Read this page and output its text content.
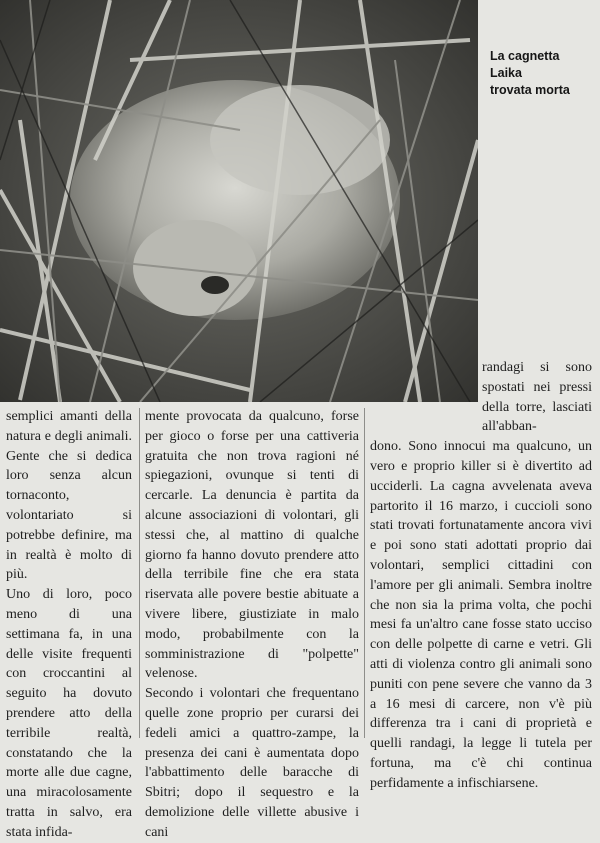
La cagnetta
Laika
trovata morta

semplici amanti della natura e degli animali. Gente che si dedica loro senza alcun tornaconto, volontariato si potrebbe definire, ma in realtà è molto di più.

Uno di loro, poco meno di una settimana fa, in una delle visite frequenti con croccantini al seguito ha dovuto prendere atto della terribile realtà, constatando che la morte alle due cagne, una miracolosamente tratta in salvo, era stata infida-

mente provocata da qualcuno, forse per gioco o forse per una cattiveria gratuita che non trova ragioni né spiegazioni, ovunque si tenti di cercarle. La denuncia è partita da alcune associazioni di volontari, gli stessi che, al mattino di qualche giorno fa hanno dovuto prendere atto della terribile fine che era stata riservata alle povere bestie abituate a vivere libere, giustiziate in malo modo, probabilmente con la somministrazione di "polpette" velenose.

Secondo i volontari che frequentano quelle zone proprio per curarsi dei fedeli amici a quattro-zampe, la presenza dei cani è aumentata dopo l'abbattimento delle baracche di Sbitri; dopo il sequestro e la demolizione delle villette abusive i cani

randagi si sono spostati nei pressi della torre, lasciati all'abban-

dono. Sono innocui ma qualcuno, un vero e proprio killer si è divertito ad ucciderli. La cagna avvelenata aveva partorito il 16 marzo, i cuccioli sono stati trovati fortunatamente ancora vivi e poi sono stati adottati proprio dai volontari, semplici cittadini con l'amore per gli animali. Sembra inoltre che non sia la prima volta, che pochi mesi fa un'altro cane fosse stato ucciso con delle polpette di carne e vetri. Gli atti di violenza contro gli animali sono puniti con pene severe che vanno da 3 a 16 mesi di carcere, non v'è più differenza tra i cani di proprietà e quelli randagi, la legge li tutela per fortuna, ma c'è chi continua perfidamente a infischiarsene.
